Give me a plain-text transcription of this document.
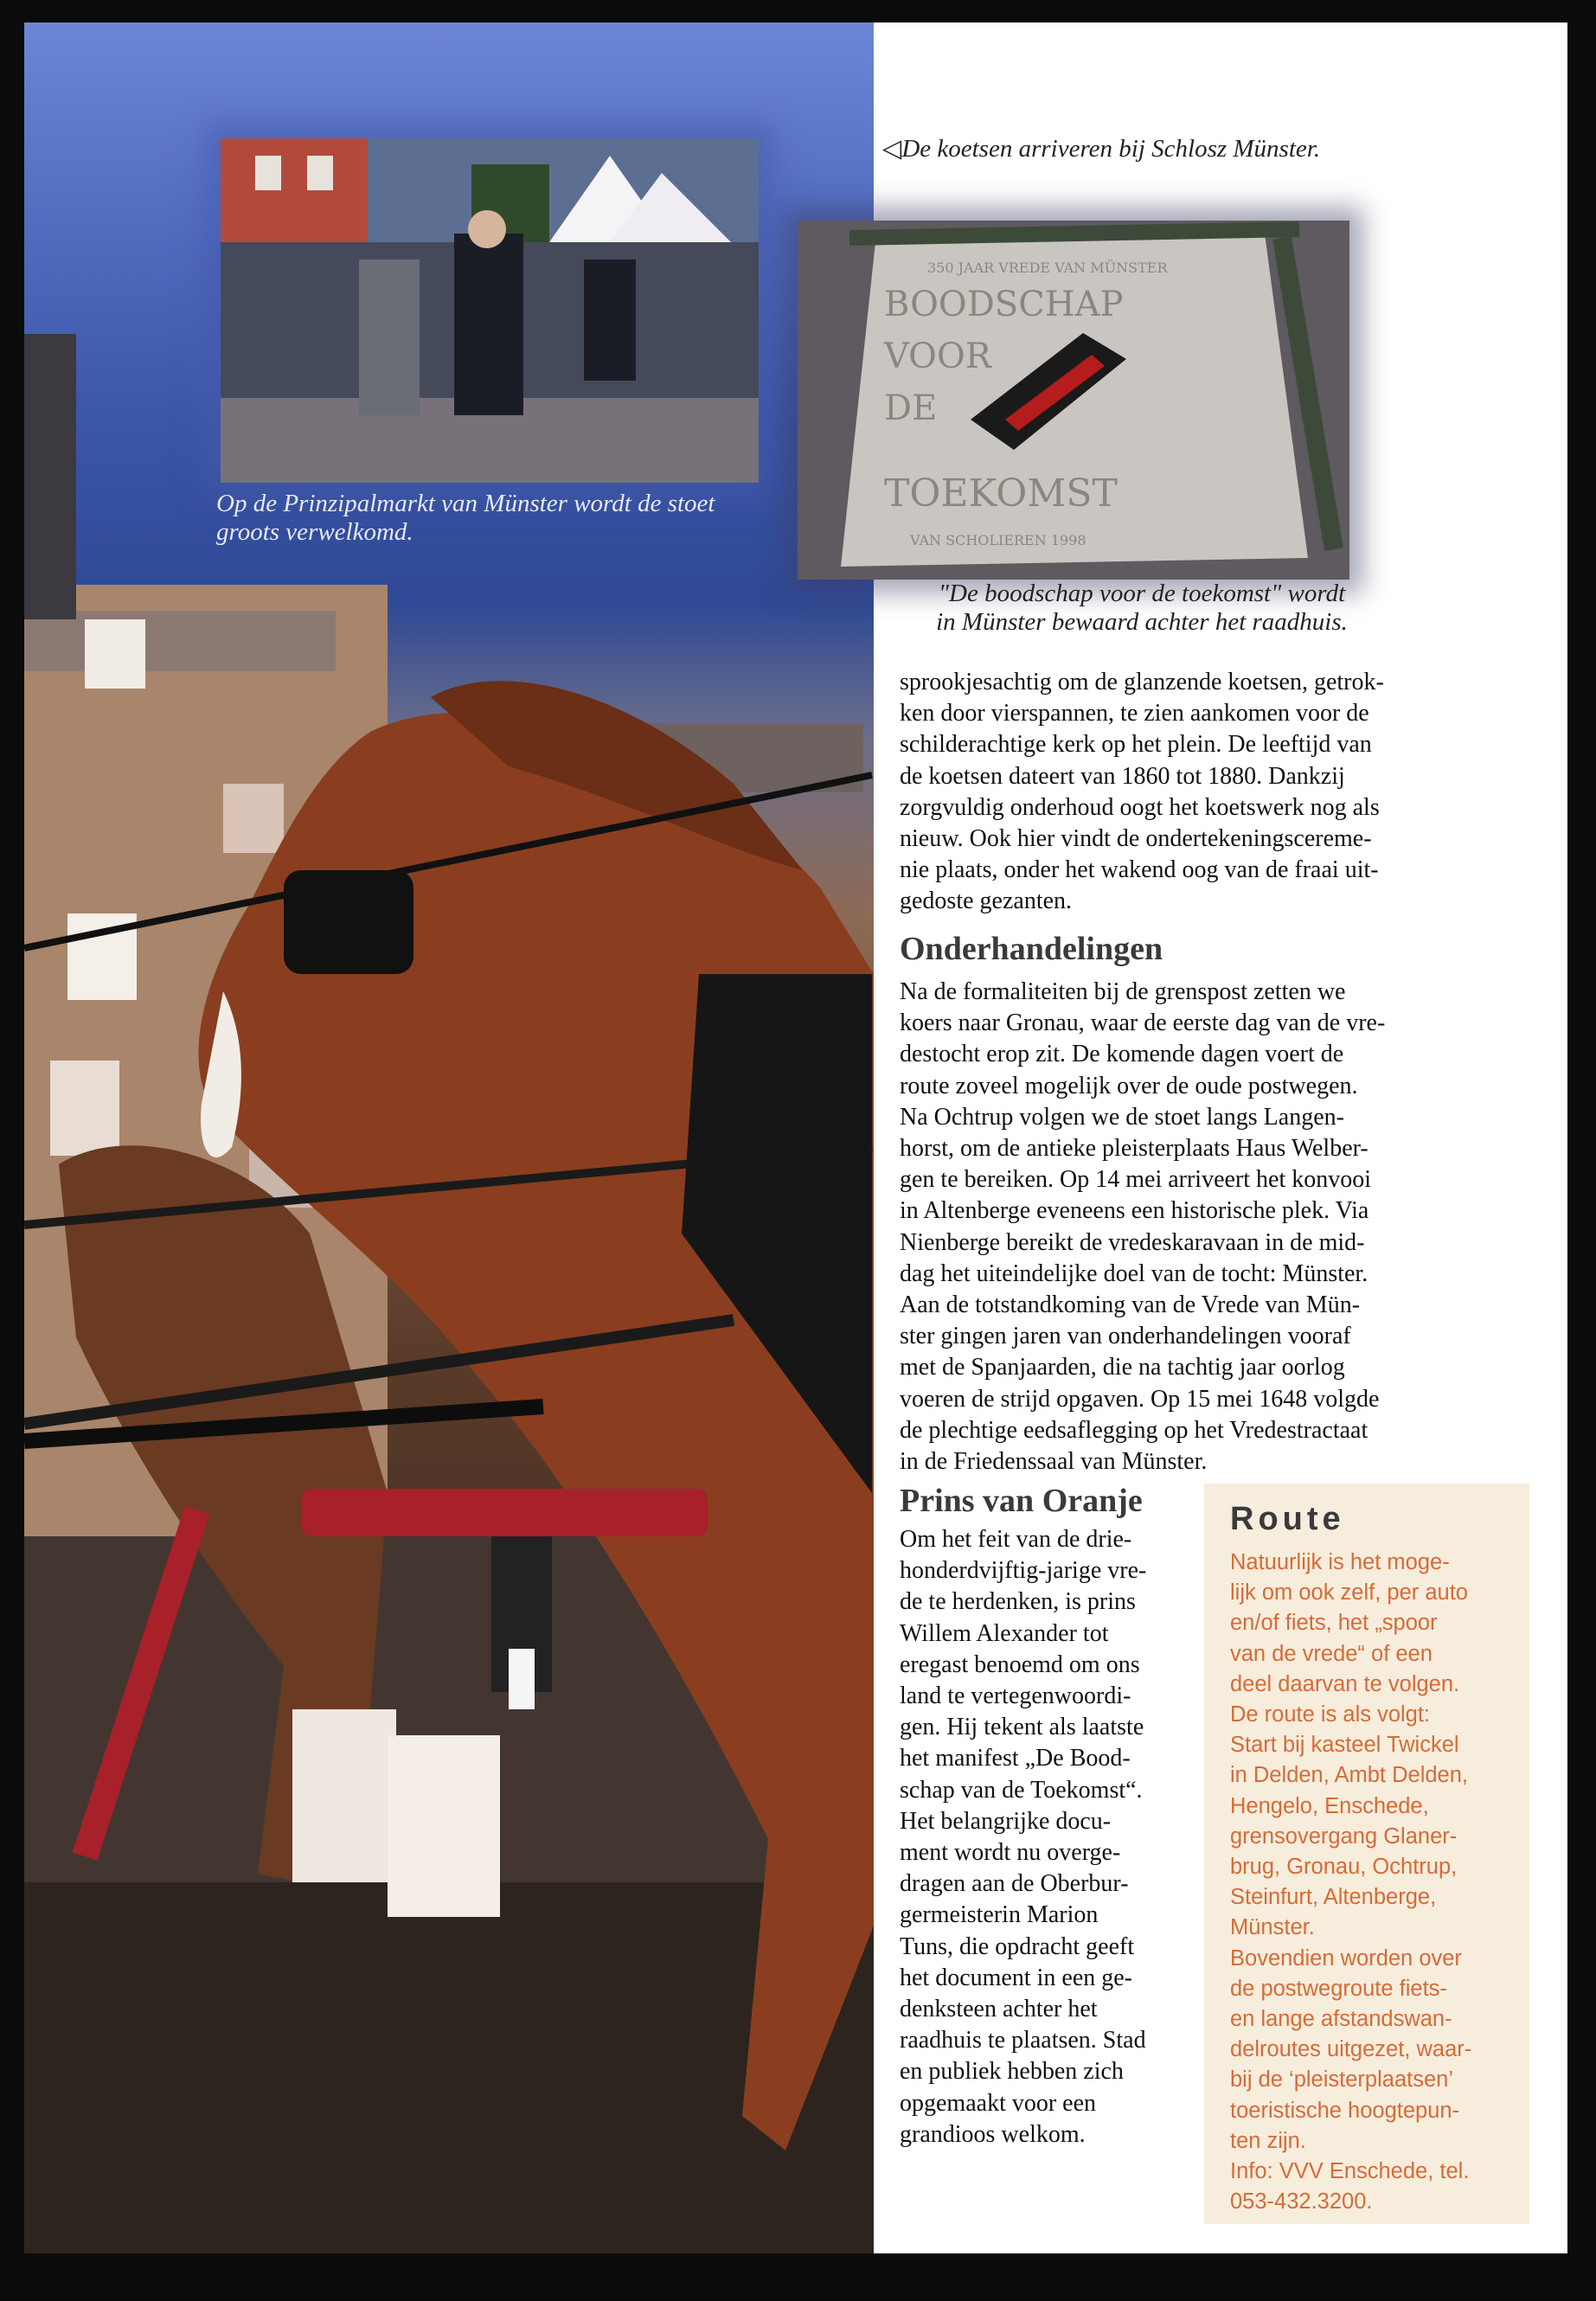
350 JAAR VREDE VAN MÜNSTER
BOODSCHAP
VOOR
DE
TOEKOMST
VAN SCHOLIEREN 1998
Op de Prinzipalmarkt van Münster wordt de stoet groots verwelkomd.
◁De koetsen arriveren bij Schlosz Münster.
"De boodschap voor de toekomst" wordt
in Münster bewaard achter het raadhuis.
sprookjesachtig om de glanzende koetsen, getrok-
ken door vierspannen, te zien aankomen voor de
schilderachtige kerk op het plein. De leeftijd van
de koetsen dateert van 1860 tot 1880. Dankzij
zorgvuldig onderhoud oogt het koetswerk nog als
nieuw. Ook hier vindt de ondertekeningscereme-
nie plaats, onder het wakend oog van de fraai uit-
gedoste gezanten.
Onderhandelingen
Na de formaliteiten bij de grenspost zetten we
koers naar Gronau, waar de eerste dag van de vre-
destocht erop zit. De komende dagen voert de
route zoveel mogelijk over de oude postwegen.
Na Ochtrup volgen we de stoet langs Langen-
horst, om de antieke pleisterplaats Haus Welber-
gen te bereiken. Op 14 mei arriveert het konvooi
in Altenberge eveneens een historische plek. Via
Nienberge bereikt de vredeskaravaan in de mid-
dag het uiteindelijke doel van de tocht: Münster.
Aan de totstandkoming van de Vrede van Mün-
ster gingen jaren van onderhandelingen vooraf
met de Spanjaarden, die na tachtig jaar oorlog
voeren de strijd opgaven. Op 15 mei 1648 volgde
de plechtige eedsaflegging op het Vredestractaat
in de Friedenssaal van Münster.
Prins van Oranje
Om het feit van de drie-
honderdvijftig-jarige vre-
de te herdenken, is prins
Willem Alexander tot
eregast benoemd om ons
land te vertegenwoordi-
gen. Hij tekent als laatste
het manifest „De Bood-
schap van de Toekomst“.
Het belangrijke docu-
ment wordt nu overge-
dragen aan de Oberbur-
germeisterin Marion
Tuns, die opdracht geeft
het document in een ge-
denksteen achter het
raadhuis te plaatsen. Stad
en publiek hebben zich
opgemaakt voor een
grandioos welkom.
Route
Natuurlijk is het moge-
lijk om ook zelf, per auto
en/of fiets, het „spoor
van de vrede“ of een
deel daarvan te volgen.
De route is als volgt:
Start bij kasteel Twickel
in Delden, Ambt Delden,
Hengelo, Enschede,
grensovergang Glaner-
brug, Gronau, Ochtrup,
Steinfurt, Altenberge,
Münster.
Bovendien worden over
de postwegroute fiets-
en lange afstandswan-
delroutes uitgezet, waar-
bij de ‘pleisterplaatsen’
toeristische hoogtepun-
ten zijn.
Info: VVV Enschede, tel.
053-432.3200.
